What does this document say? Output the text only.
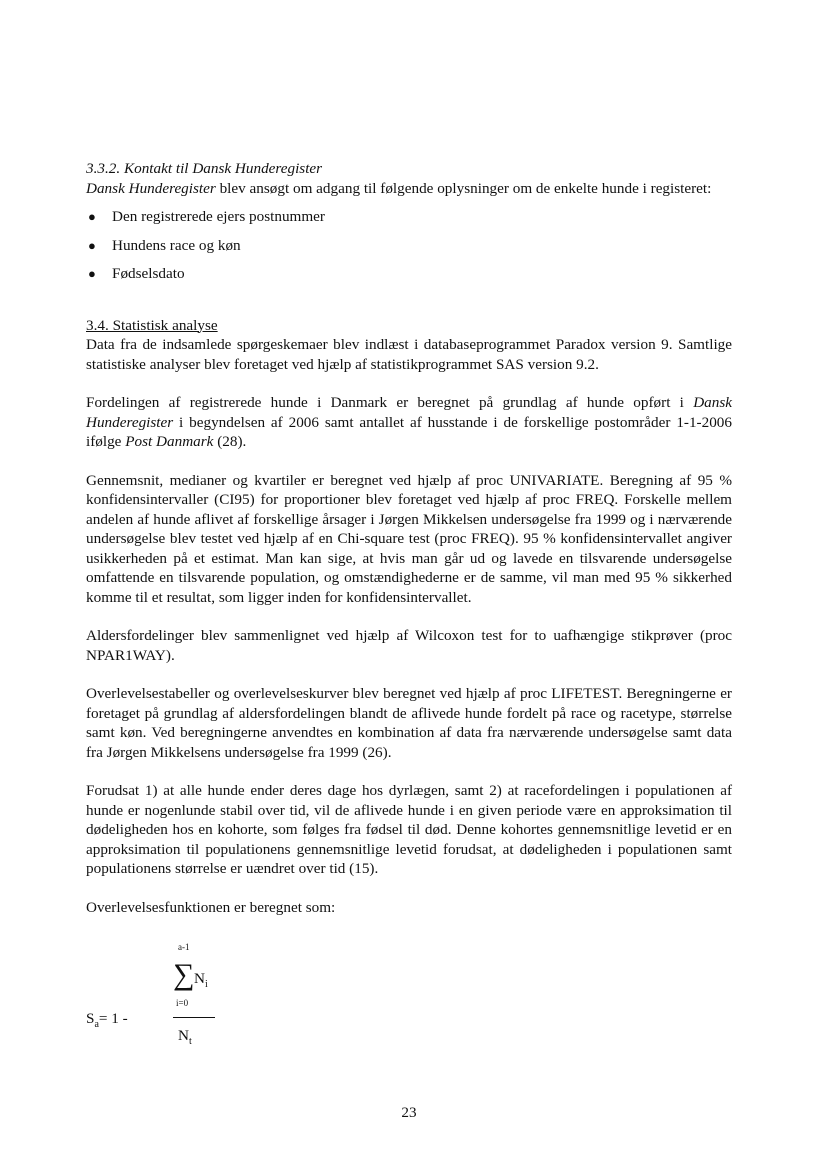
3.3.2. Kontakt til Dansk Hunderegister

Dansk Hunderegister blev ansøgt om adgang til følgende oplysninger om de enkelte hunde i registeret:

● Den registrerede ejers postnummer
● Hundens race og køn
● Fødselsdato

3.4. Statistisk analyse

Data fra de indsamlede spørgeskemaer blev indlæst i databaseprogrammet Paradox version 9. Samtlige statistiske analyser blev foretaget ved hjælp af statistikprogrammet SAS version 9.2.

Fordelingen af registrerede hunde i Danmark er beregnet på grundlag af hunde opført i Dansk Hunderegister i begyndelsen af 2006 samt antallet af husstande i de forskellige postområder 1-1-2006 ifølge Post Danmark (28).

Gennemsnit, medianer og kvartiler er beregnet ved hjælp af proc UNIVARIATE. Beregning af 95 % konfidensintervaller (CI95) for proportioner blev foretaget ved hjælp af proc FREQ. Forskelle mellem andelen af hunde aflivet af forskellige årsager i Jørgen Mikkelsen undersøgelse fra 1999 og i nærværende undersøgelse blev testet ved hjælp af en Chi-square test (proc FREQ). 95 % konfidensintervallet angiver usikkerheden på et estimat. Man kan sige, at hvis man går ud og lavede en tilsvarende undersøgelse omfattende en tilsvarende population, og omstændighederne er de samme, vil man med 95 % sikkerhed komme til et resultat, som ligger inden for konfidensintervallet.

Aldersfordelinger blev sammenlignet ved hjælp af Wilcoxon test for to uafhængige stikprøver (proc NPAR1WAY).

Overlevelsestabeller og overlevelseskurver blev beregnet ved hjælp af proc LIFETEST. Beregningerne er foretaget på grundlag af aldersfordelingen blandt de aflivede hunde fordelt på race og racetype, størrelse samt køn. Ved beregningerne anvendtes en kombination af data fra nærværende undersøgelse samt data fra Jørgen Mikkelsens undersøgelse fra 1999 (26).

Forudsat 1) at alle hunde ender deres dage hos dyrlægen, samt 2) at racefordelingen i populationen af hunde er nogenlunde stabil over tid, vil de aflivede hunde i en given periode være en approksimation til dødeligheden hos en kohorte, som følges fra fødsel til død. Denne kohortes gennemsnitlige levetid er en approksimation til populationens gennemsnitlige levetid forudsat, at dødeligheden i populationen samt populationens størrelse er uændret over tid (15).

Overlevelsesfunktionen er beregnet som:

a-1
∑ $N_i$
i=0
$S_a= 1$ -
$N_t$
23
